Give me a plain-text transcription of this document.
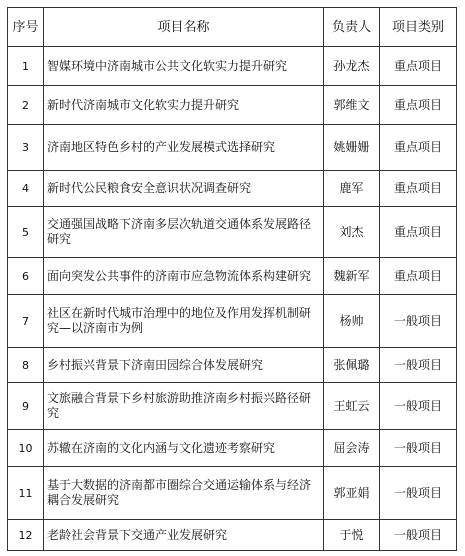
序号	项目名称	负责人	项目类别
1	智媒环境中济南城市公共文化软实力提升研究	孙龙杰	重点项目
2	新时代济南城市文化软实力提升研究	郭维文	重点项目
3	济南地区特色乡村的产业发展模式选择研究	姚姗姗	重点项目
4	新时代公民粮食安全意识状况调查研究	鹿军	重点项目
5	交通强国战略下济南多层次轨道交通体系发展路径研究	刘杰	重点项目
6	面向突发公共事件的济南市应急物流体系构建研究	魏新军	重点项目
7	社区在新时代城市治理中的地位及作用发挥机制研究—以济南市为例	杨帅	一般项目
8	乡村振兴背景下济南田园综合体发展研究	张佩璐	一般项目
9	文旅融合背景下乡村旅游助推济南乡村振兴路径研究	王虹云	一般项目
10	苏辙在济南的文化内涵与文化遗迹考察研究	屈会涛	一般项目
11	基于大数据的济南都市圈综合交通运输体系与经济耦合发展研究	郭亚娟	一般项目
12	老龄社会背景下交通产业发展研究	于悦	一般项目
